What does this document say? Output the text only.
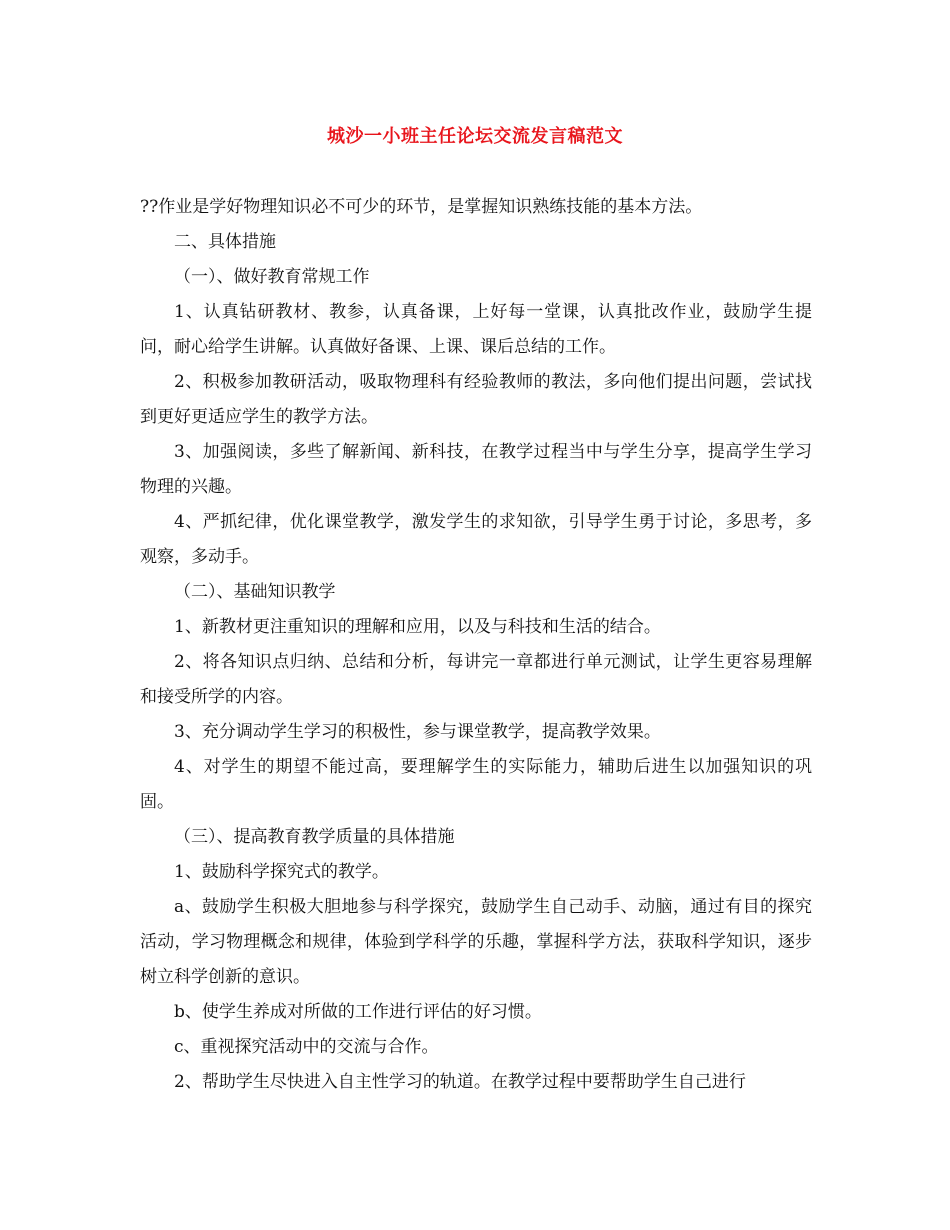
城沙一小班主任论坛交流发言稿范文

??作业是学好物理知识必不可少的环节，是掌握知识熟练技能的基本方法。

二、具体措施

（一）、做好教育常规工作

1、认真钻研教材、教参，认真备课，上好每一堂课，认真批改作业，鼓励学生提问，耐心给学生讲解。认真做好备课、上课、课后总结的工作。

2、积极参加教研活动，吸取物理科有经验教师的教法，多向他们提出问题，尝试找到更好更适应学生的教学方法。

3、加强阅读，多些了解新闻、新科技，在教学过程当中与学生分享，提高学生学习物理的兴趣。

4、严抓纪律，优化课堂教学，激发学生的求知欲，引导学生勇于讨论，多思考，多观察，多动手。

（二）、基础知识教学

1、新教材更注重知识的理解和应用，以及与科技和生活的结合。

2、将各知识点归纳、总结和分析，每讲完一章都进行单元测试，让学生更容易理解和接受所学的内容。

3、充分调动学生学习的积极性，参与课堂教学，提高教学效果。

4、对学生的期望不能过高，要理解学生的实际能力，辅助后进生以加强知识的巩固。

（三）、提高教育教学质量的具体措施

1、鼓励科学探究式的教学。

a、鼓励学生积极大胆地参与科学探究，鼓励学生自己动手、动脑，通过有目的探究活动，学习物理概念和规律，体验到学科学的乐趣，掌握科学方法，获取科学知识，逐步树立科学创新的意识。

b、使学生养成对所做的工作进行评估的好习惯。

c、重视探究活动中的交流与合作。

2、帮助学生尽快进入自主性学习的轨道。在教学过程中要帮助学生自己进行
